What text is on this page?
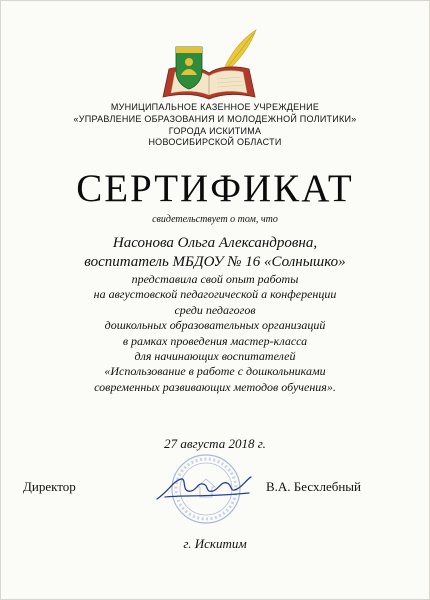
МУНИЦИПАЛЬНОЕ КАЗЕННОЕ УЧРЕЖДЕНИЕ
«УПРАВЛЕНИЕ ОБРАЗОВАНИЯ И МОЛОДЕЖНОЙ ПОЛИТИКИ»
ГОРОДА ИСКИТИМА
НОВОСИБИРСКОЙ ОБЛАСТИ
СЕРТИФИКАТ
свидетельствует о том, что
Насонова Ольга Александровна,
воспитатель МБДОУ № 16 «Солнышко»
представила свой опыт работы
на августовской педагогической а конференции
среди педагогов
дошкольных образовательных организаций
в рамках проведения мастер-класса
для начинающих воспитателей
«Использование в работе с дошкольниками
современных развивающих методов обучения».
27 августа 2018 г.
Директор	В.А. Бесхлебный
г. Искитим
